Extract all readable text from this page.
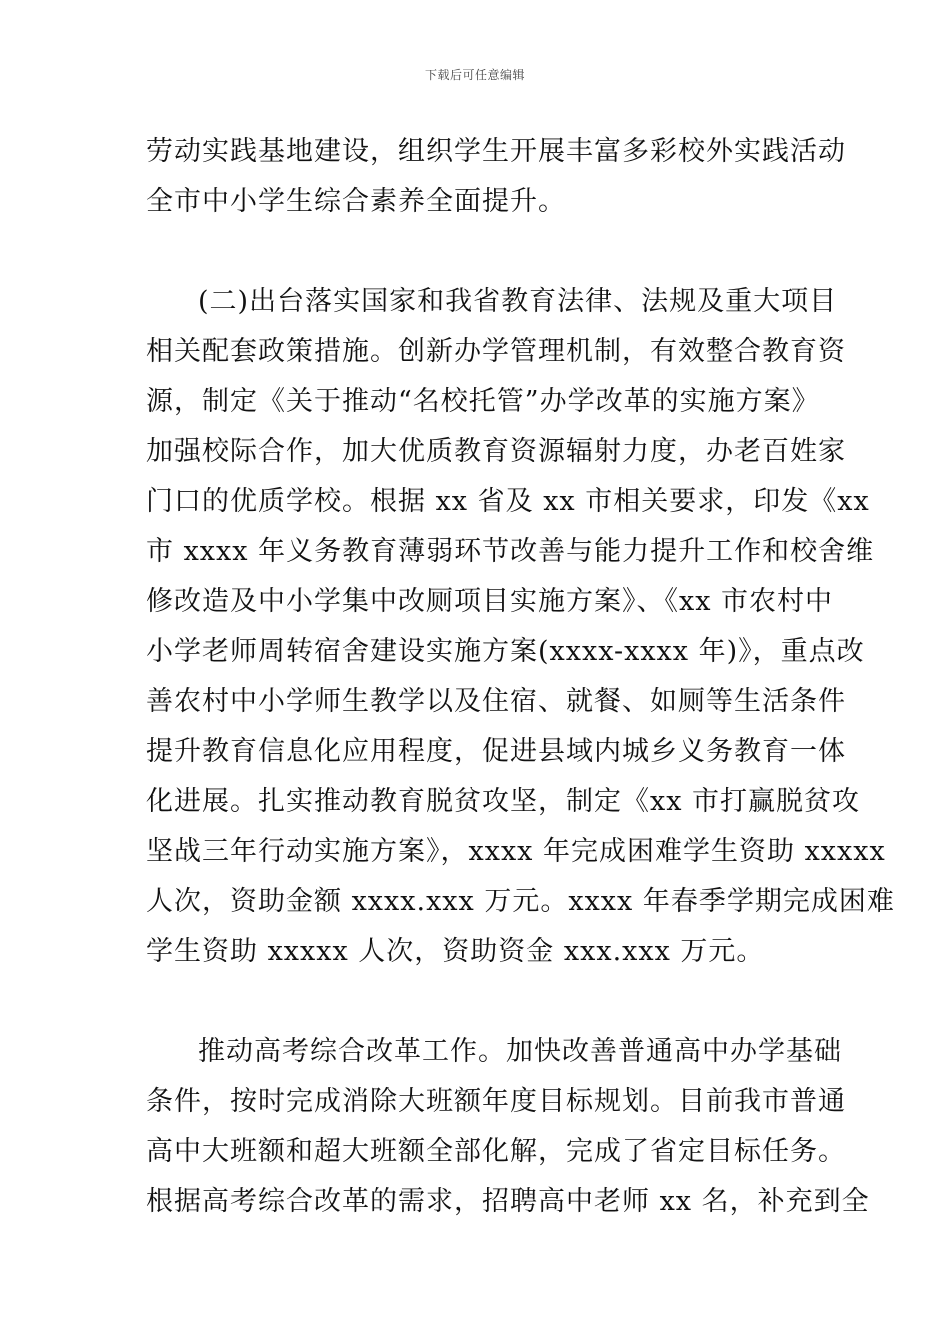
下载后可任意编辑
劳动实践基地建设，组织学生开展丰富多彩校外实践活动
全市中小学生综合素养全面提升。
(二)出台落实国家和我省教育法律、法规及重大项目
相关配套政策措施。创新办学管理机制，有效整合教育资
源，制定《关于推动“名校托管”办学改革的实施方案》
加强校际合作，加大优质教育资源辐射力度，办老百姓家
门口的优质学校。根据 xx 省及 xx 市相关要求，印发《xx
市 xxxx 年义务教育薄弱环节改善与能力提升工作和校舍维
修改造及中小学集中改厕项目实施方案》、《xx 市农村中
小学老师周转宿舍建设实施方案(xxxx-xxxx 年)》，重点改
善农村中小学师生教学以及住宿、就餐、如厕等生活条件
提升教育信息化应用程度，促进县域内城乡义务教育一体
化进展。扎实推动教育脱贫攻坚，制定《xx 市打赢脱贫攻
坚战三年行动实施方案》，xxxx 年完成困难学生资助 xxxxx
人次，资助金额 xxxx.xxx 万元。xxxx 年春季学期完成困难
学生资助 xxxxx 人次，资助资金 xxx.xxx 万元。
推动高考综合改革工作。加快改善普通高中办学基础
条件，按时完成消除大班额年度目标规划。目前我市普通
高中大班额和超大班额全部化解，完成了省定目标任务。
根据高考综合改革的需求，招聘高中老师 xx 名，补充到全
